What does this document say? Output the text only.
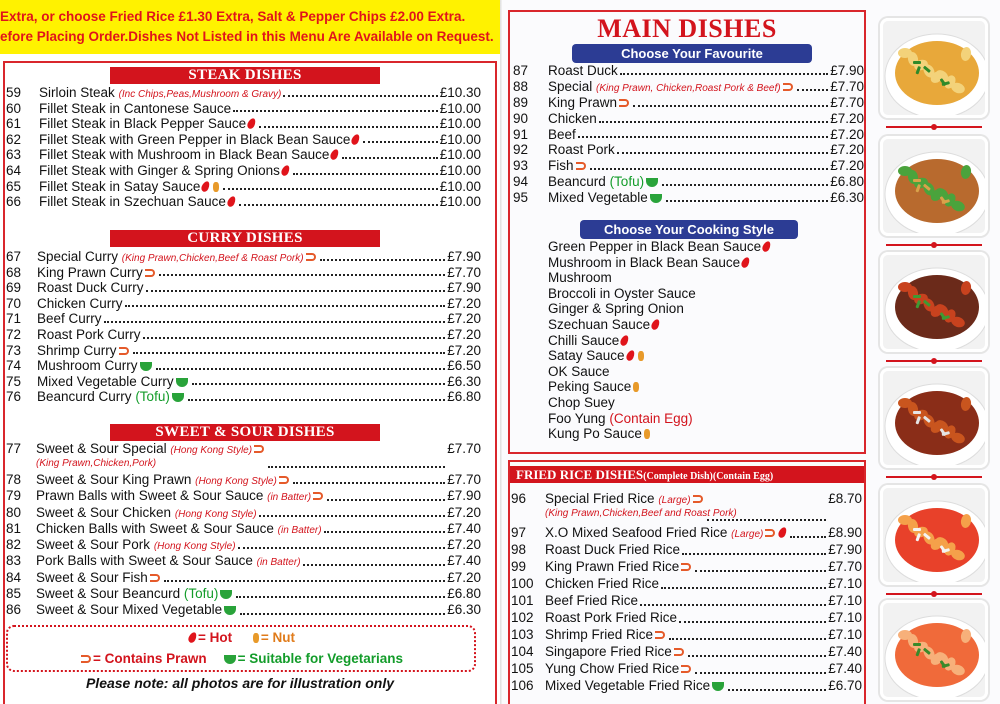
Extra, or choose Fried Rice £1.30 Extra, Salt & Pepper Chips £2.00 Extra.
efore Placing Order.Dishes Not Listed in this Menu Are Available on Request.
STEAK DISHES
59	Sirloin Steak (Inc Chips,Peas,Mushroom & Gravy)	£10.30
60	Fillet Steak in Cantonese Sauce	£10.00
61	Fillet Steak in Black Pepper Sauce	£10.00
62	Fillet Steak with Green Pepper in Black Bean Sauce	£10.00
63	Fillet Steak with Mushroom in Black Bean Sauce	£10.00
64	Fillet Steak with Ginger & Spring Onions	£10.00
65	Fillet Steak in Satay Sauce	£10.00
66	Fillet Steak in Szechuan Sauce	£10.00
CURRY DISHES
67	Special Curry (King Prawn,Chicken,Beef & Roast Pork)	£7.90
68	King Prawn Curry	£7.70
69	Roast Duck Curry	£7.90
70	Chicken Curry	£7.20
71	Beef Curry	£7.20
72	Roast Pork Curry	£7.20
73	Shrimp Curry	£7.20
74	Mushroom Curry	£6.50
75	Mixed Vegetable Curry	£6.30
76	Beancurd Curry (Tofu)	£6.80
SWEET & SOUR DISHES
77	Sweet & Sour Special (Hong Kong Style)	£7.70
(King Prawn,Chicken,Pork)
78	Sweet & Sour King Prawn (Hong Kong Style)	£7.70
79	Prawn Balls with Sweet & Sour Sauce (in Batter)	£7.90
80	Sweet & Sour Chicken (Hong Kong Style)	£7.20
81	Chicken Balls with Sweet & Sour Sauce (in Batter)	£7.40
82	Sweet & Sour Pork (Hong Kong Style)	£7.20
83	Pork Balls with Sweet & Sour Sauce (in Batter)	£7.40
84	Sweet & Sour Fish	£7.20
85	Sweet & Sour Beancurd (Tofu)	£6.80
86	Sweet & Sour Mixed Vegetable	£6.30
= Hot = Nut
= Contains Prawn = Suitable for Vegetarians
Please note: all photos are for illustration only
MAIN DISHES
Choose Your Favourite
87	Roast Duck	£7.90
88	Special (King Prawn, Chicken,Roast Pork & Beef)	£7.70
89	King Prawn	£7.70
90	Chicken	£7.20
91	Beef	£7.20
92	Roast Pork	£7.20
93	Fish	£7.20
94	Beancurd (Tofu)	£6.80
95	Mixed Vegetable	£6.30
Choose Your Cooking Style
Green Pepper in Black Bean Sauce
Mushroom in Black Bean Sauce
Mushroom
Broccoli in Oyster Sauce
Ginger & Spring Onion
Szechuan Sauce
Chilli Sauce
Satay Sauce
OK Sauce
Peking Sauce
Chop Suey
Foo Yung (Contain Egg)
Kung Po Sauce
FRIED RICE DISHES(Complete Dish)(Contain Egg)
96	Special Fried Rice (Large)	£8.70
(King Prawn,Chicken,Beef and Roast Pork)
97	X.O Mixed Seafood Fried Rice (Large)	£8.90
98	Roast Duck Fried Rice	£7.90
99	King Prawn Fried Rice	£7.70
100 Chicken Fried Rice	£7.10
101 Beef Fried Rice	£7.10
102 Roast Pork Fried Rice	£7.10
103 Shrimp Fried Rice	£7.10
104 Singapore Fried Rice	£7.40
105 Yung Chow Fried Rice	£7.40
106 Mixed Vegetable Fried Rice	£6.70
